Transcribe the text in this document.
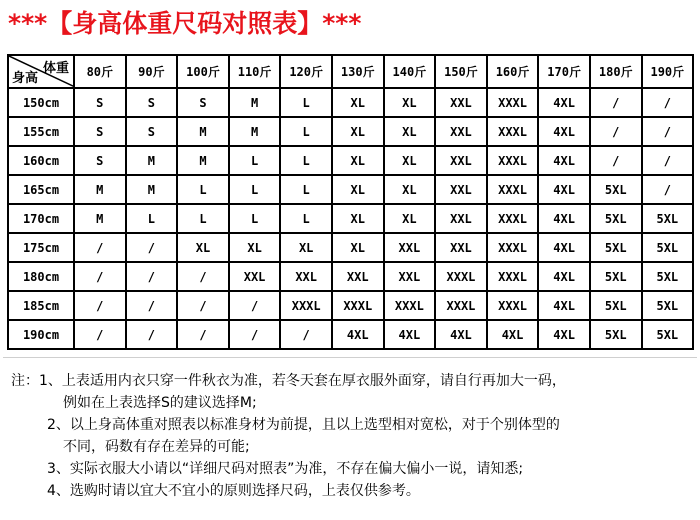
***【身高体重尺码对照表】***
体重
身高	80斤	90斤	100斤	110斤	120斤	130斤	140斤	150斤	160斤	170斤	180斤	190斤
150cm	S	S	S	M	L	XL	XL	XXL	XXXL	4XL	/	/
155cm	S	S	M	M	L	XL	XL	XXL	XXXL	4XL	/	/
160cm	S	M	M	L	L	XL	XL	XXL	XXXL	4XL	/	/
165cm	M	M	L	L	L	XL	XL	XXL	XXXL	4XL	5XL	/
170cm	M	L	L	L	L	XL	XL	XXL	XXXL	4XL	5XL	5XL
175cm	/	/	XL	XL	XL	XL	XXL	XXL	XXXL	4XL	5XL	5XL
180cm	/	/	/	XXL	XXL	XXL	XXL	XXXL	XXXL	4XL	5XL	5XL
185cm	/	/	/	/	XXXL	XXXL	XXXL	XXXL	XXXL	4XL	5XL	5XL
190cm	/	/	/	/	/	4XL	4XL	4XL	4XL	4XL	5XL	5XL
注：1、上表适用内衣只穿一件秋衣为准，若冬天套在厚衣服外面穿，请自行再加大一码，
例如在上表选择S的建议选择M;
2、以上身高体重对照表以标准身材为前提，且以上选型相对宽松，对于个别体型的
不同，码数有存在差异的可能;
3、实际衣服大小请以“详细尺码对照表”为准，不存在偏大偏小一说，请知悉;
4、选购时请以宜大不宜小的原则选择尺码，上表仅供参考。
